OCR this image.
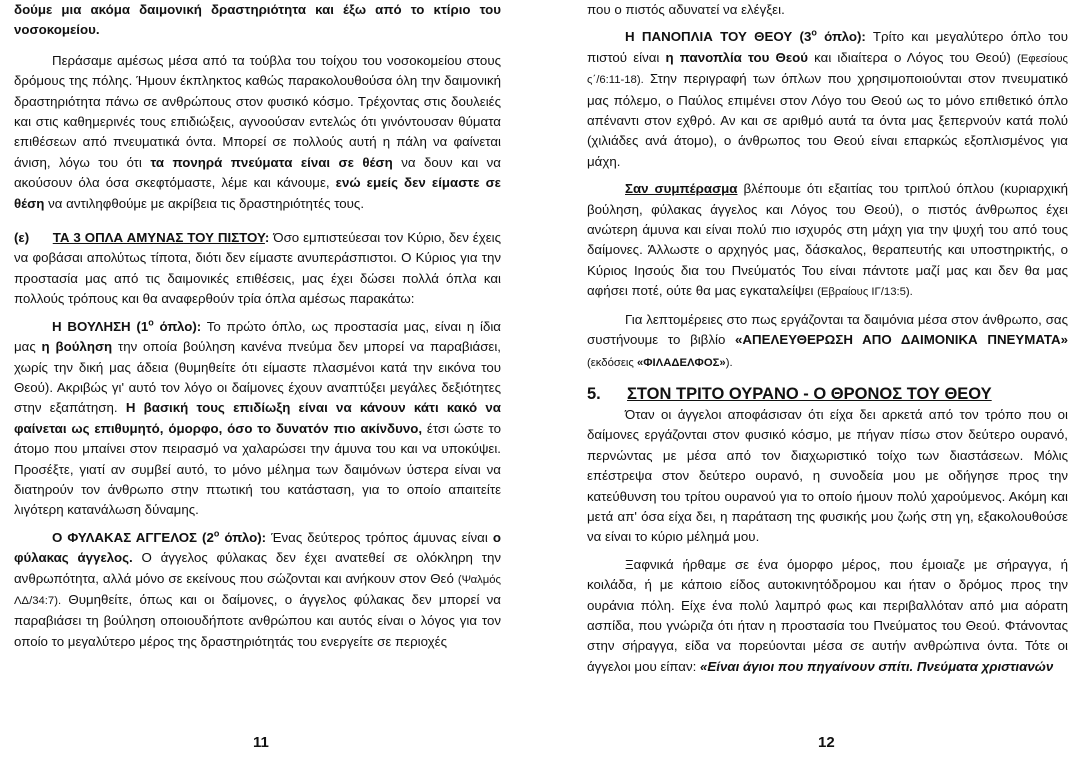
δούμε μια ακόμα δαιμονική δραστηριότητα και έξω από το κτίριο του νοσοκομείου.

Περάσαμε αμέσως μέσα από τα τούβλα του τοίχου του νοσοκομείου στους δρόμους της πόλης. Ήμουν έκπληκτος καθώς παρακολουθούσα όλη την δαιμονική δραστηριότητα πάνω σε ανθρώπους στον φυσικό κόσμο. Τρέχοντας στις δουλειές και στις καθημερινές τους επιδιώξεις, αγνοούσαν εντελώς ότι γινόντουσαν θύματα επιθέσεων από πνευματικά όντα. Μπορεί σε πολλούς αυτή η πάλη να φαίνεται άνιση, λόγω του ότι τα πονηρά πνεύματα είναι σε θέση να δουν και να ακούσουν όλα όσα σκεφτόμαστε, λέμε και κάνουμε, ενώ εμείς δεν είμαστε σε θέση να αντιληφθούμε με ακρίβεια τις δραστηριότητές τους.

(ε) ΤΑ 3 ΟΠΛΑ ΑΜΥΝΑΣ ΤΟΥ ΠΙΣΤΟΥ: Όσο εμπιστεύεσαι τον Κύριο, δεν έχεις να φοβάσαι απολύτως τίποτα, διότι δεν είμαστε ανυπεράσπιστοι. Ο Κύριος για την προστασία μας από τις δαιμονικές επιθέσεις, μας έχει δώσει πολλά όπλα και πολλούς τρόπους και θα αναφερθούν τρία όπλα αμέσως παρακάτω:

Η ΒΟΥΛΗΣΗ ($1^o$ όπλο): Το πρώτο όπλο, ως προστασία μας, είναι η ίδια μας η βούληση την οποία βούληση κανένα πνεύμα δεν μπορεί να παραβιάσει, χωρίς την δική μας άδεια (θυμηθείτε ότι είμαστε πλασμένοι κατά την εικόνα του Θεού). Ακριβώς γι' αυτό τον λόγο οι δαίμονες έχουν αναπτύξει μεγάλες δεξιότητες στην εξαπάτηση. Η βασική τους επιδίωξη είναι να κάνουν κάτι κακό να φαίνεται ως επιθυμητό, όμορφο, όσο το δυνατόν πιο ακίνδυνο, έτσι ώστε το άτομο που μπαίνει στον πειρασμό να χαλαρώσει την άμυνα του και να υποκύψει. Προσέξτε, γιατί αν συμβεί αυτό, το μόνο μέλημα των δαιμόνων ύστερα είναι να διατηρούν τον άνθρωπο στην πτωτική του κατάσταση, για το οποίο απαιτείτε λιγότερη κατανάλωση δύναμης.

Ο ΦΥΛΑΚΑΣ ΑΓΓΕΛΟΣ ($2^o$ όπλο): Ένας δεύτερος τρόπος άμυνας είναι ο φύλακας άγγελος. Ο άγγελος φύλακας δεν έχει ανατεθεί σε ολόκληρη την ανθρωπότητα, αλλά μόνο σε εκείνους που σώζονται και ανήκουν στον Θεό (Ψαλμός ΛΔ/34:7). Θυμηθείτε, όπως και οι δαίμονες, ο άγγελος φύλακας δεν μπορεί να παραβιάσει τη βούληση οποιουδήποτε ανθρώπου και αυτός είναι ο λόγος για τον οποίο το μεγαλύτερο μέρος της δραστηριότητάς του ενεργείτε σε περιοχές

11

που ο πιστός αδυνατεί να ελέγξει.

Η ΠΑΝΟΠΛΙΑ ΤΟΥ ΘΕΟΥ ($3^o$ όπλο): Τρίτο και μεγαλύτερο όπλο του πιστού είναι η πανοπλία του Θεού και ιδιαίτερα ο Λόγος του Θεού) (Εφεσίους ς΄/6:11-18). Στην περιγραφή των όπλων που χρησιμοποιούνται στον πνευματικό μας πόλεμο, ο Παύλος επιμένει στον Λόγο του Θεού ως το μόνο επιθετικό όπλο απέναντι στον εχθρό. Αν και σε αριθμό αυτά τα όντα μας ξεπερνούν κατά πολύ (χιλιάδες ανά άτομο), ο άνθρωπος του Θεού είναι επαρκώς εξοπλισμένος για μάχη.

Σαν συμπέρασμα βλέπουμε ότι εξαιτίας του τριπλού όπλου (κυριαρχική βούληση, φύλακας άγγελος και Λόγος του Θεού), ο πιστός άνθρωπος έχει ανώτερη άμυνα και είναι πολύ πιο ισχυρός στη μάχη για την ψυχή του από τους δαίμονες. Άλλωστε ο αρχηγός μας, δάσκαλος, θεραπευτής και υποστηρικτής, ο Κύριος Ιησούς δια του Πνεύματός Του είναι πάντοτε μαζί μας και δεν θα μας αφήσει ποτέ, ούτε θα μας εγκαταλείψει (Εβραίους ΙΓ/13:5).

Για λεπτομέρειες στο πως εργάζονται τα δαιμόνια μέσα στον άνθρωπο, σας συστήνουμε το βιβλίο «ΑΠΕΛΕΥΘΕΡΩΣΗ ΑΠΟ ΔΑΙΜΟΝΙΚΑ ΠΝΕΥΜΑΤΑ» (εκδόσεις «ΦΙΛΑΔΕΛΦΟΣ»).

5. ΣΤΟΝ ΤΡΙΤΟ ΟΥΡΑΝΟ - Ο ΘΡΟΝΟΣ ΤΟΥ ΘΕΟΥ

Όταν οι άγγελοι αποφάσισαν ότι είχα δει αρκετά από τον τρόπο που οι δαίμονες εργάζονται στον φυσικό κόσμο, με πήγαν πίσω στον δεύτερο ουρανό, περνώντας με μέσα από τον διαχωριστικό τοίχο των διαστάσεων. Μόλις επέστρεψα στον δεύτερο ουρανό, η συνοδεία μου με οδήγησε προς την κατεύθυνση του τρίτου ουρανού για το οποίο ήμουν πολύ χαρούμενος. Ακόμη και μετά απ' όσα είχα δει, η παράταση της φυσικής μου ζωής στη γη, εξακολουθούσε να είναι το κύριο μέλημά μου.

Ξαφνικά ήρθαμε σε ένα όμορφο μέρος, που έμοιαζε με σήραγγα, ή κοιλάδα, ή με κάποιο είδος αυτοκινητόδρομου και ήταν ο δρόμος προς την ουράνια πόλη. Είχε ένα πολύ λαμπρό φως και περιβαλλόταν από μια αόρατη ασπίδα, που γνώριζα ότι ήταν η προστασία του Πνεύματος του Θεού. Φτάνοντας στην σήραγγα, είδα να πορεύονται μέσα σε αυτήν ανθρώπινα όντα. Τότε οι άγγελοι μου είπαν: «Είναι άγιοι που πηγαίνουν σπίτι. Πνεύματα χριστιανών

12
